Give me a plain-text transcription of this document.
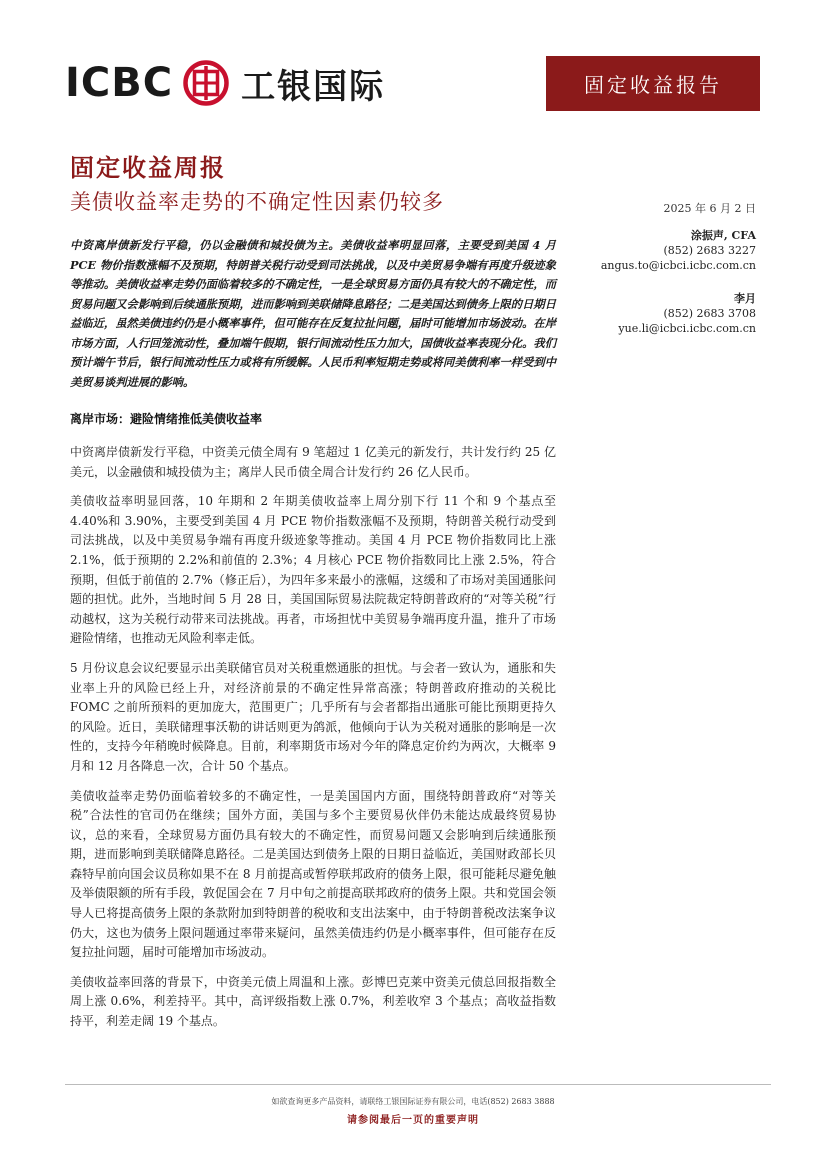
ICBC 工银国际	固定收益报告
固定收益周报
美债收益率走势的不确定性因素仍较多	2025 年 6 月 2 日
涂振声, CFA
(852) 2683 3227
angus.to@icbci.icbc.com.cn
李月
(852) 2683 3708
yue.li@icbci.icbc.com.cn

中资离岸债新发行平稳，仍以金融债和城投债为主。美债收益率明显回落，主要受到美国 4 月 PCE 物价指数涨幅不及预期，特朗普关税行动受到司法挑战，以及中美贸易争端有再度升级迹象等推动。美债收益率走势仍面临着较多的不确定性，一是全球贸易方面仍具有较大的不确定性，而贸易问题又会影响到后续通胀预期，进而影响到美联储降息路径；二是美国达到债务上限的日期日益临近，虽然美债违约仍是小概率事件，但可能存在反复拉扯问题，届时可能增加市场波动。在岸市场方面，人行回笼流动性，叠加端午假期，银行间流动性压力加大，国债收益率表现分化。我们预计端午节后，银行间流动性压力或将有所缓解。人民币利率短期走势或将同美债利率一样受到中美贸易谈判进展的影响。

离岸市场：避险情绪推低美债收益率

中资离岸债新发行平稳，中资美元债全周有 9 笔超过 1 亿美元的新发行，共计发行约 25 亿美元，以金融债和城投债为主；离岸人民币债全周合计发行约 26 亿人民币。

美债收益率明显回落，10 年期和 2 年期美债收益率上周分别下行 11 个和 9 个基点至 4.40%和 3.90%，主要受到美国 4 月 PCE 物价指数涨幅不及预期，特朗普关税行动受到司法挑战，以及中美贸易争端有再度升级迹象等推动。美国 4 月 PCE 物价指数同比上涨 2.1%，低于预期的 2.2%和前值的 2.3%；4 月核心 PCE 物价指数同比上涨 2.5%，符合预期，但低于前值的 2.7%（修正后），为四年多来最小的涨幅，这缓和了市场对美国通胀问题的担忧。此外，当地时间 5 月 28 日，美国国际贸易法院裁定特朗普政府的“对等关税”行动越权，这为关税行动带来司法挑战。再者，市场担忧中美贸易争端再度升温，推升了市场避险情绪，也推动无风险利率走低。

5 月份议息会议纪要显示出美联储官员对关税重燃通胀的担忧。与会者一致认为，通胀和失业率上升的风险已经上升，对经济前景的不确定性异常高涨；特朗普政府推动的关税比 FOMC 之前所预料的更加庞大，范围更广；几乎所有与会者都指出通胀可能比预期更持久的风险。近日，美联储理事沃勒的讲话则更为鸽派，他倾向于认为关税对通胀的影响是一次性的，支持今年稍晚时候降息。目前，利率期货市场对今年的降息定价约为两次，大概率 9 月和 12 月各降息一次，合计 50 个基点。

美债收益率走势仍面临着较多的不确定性，一是美国国内方面，围绕特朗普政府“对等关税”合法性的官司仍在继续；国外方面，美国与多个主要贸易伙伴仍未能达成最终贸易协议，总的来看，全球贸易方面仍具有较大的不确定性，而贸易问题又会影响到后续通胀预期，进而影响到美联储降息路径。二是美国达到债务上限的日期日益临近，美国财政部长贝森特早前向国会议员称如果不在 8 月前提高或暂停联邦政府的债务上限，很可能耗尽避免触及举债限额的所有手段，敦促国会在 7 月中旬之前提高联邦政府的债务上限。共和党国会领导人已将提高债务上限的条款附加到特朗普的税收和支出法案中，由于特朗普税改法案争议仍大，这也为债务上限问题通过率带来疑问，虽然美债违约仍是小概率事件，但可能存在反复拉扯问题，届时可能增加市场波动。

美债收益率回落的背景下，中资美元债上周温和上涨。彭博巴克莱中资美元债总回报指数全周上涨 0.6%，利差持平。其中，高评级指数上涨 0.7%，利差收窄 3 个基点；高收益指数持平，利差走阔 19 个基点。

如欲查询更多产品资料，请联络工银国际证券有限公司，电话(852) 2683 3888
请参阅最后一页的重要声明
